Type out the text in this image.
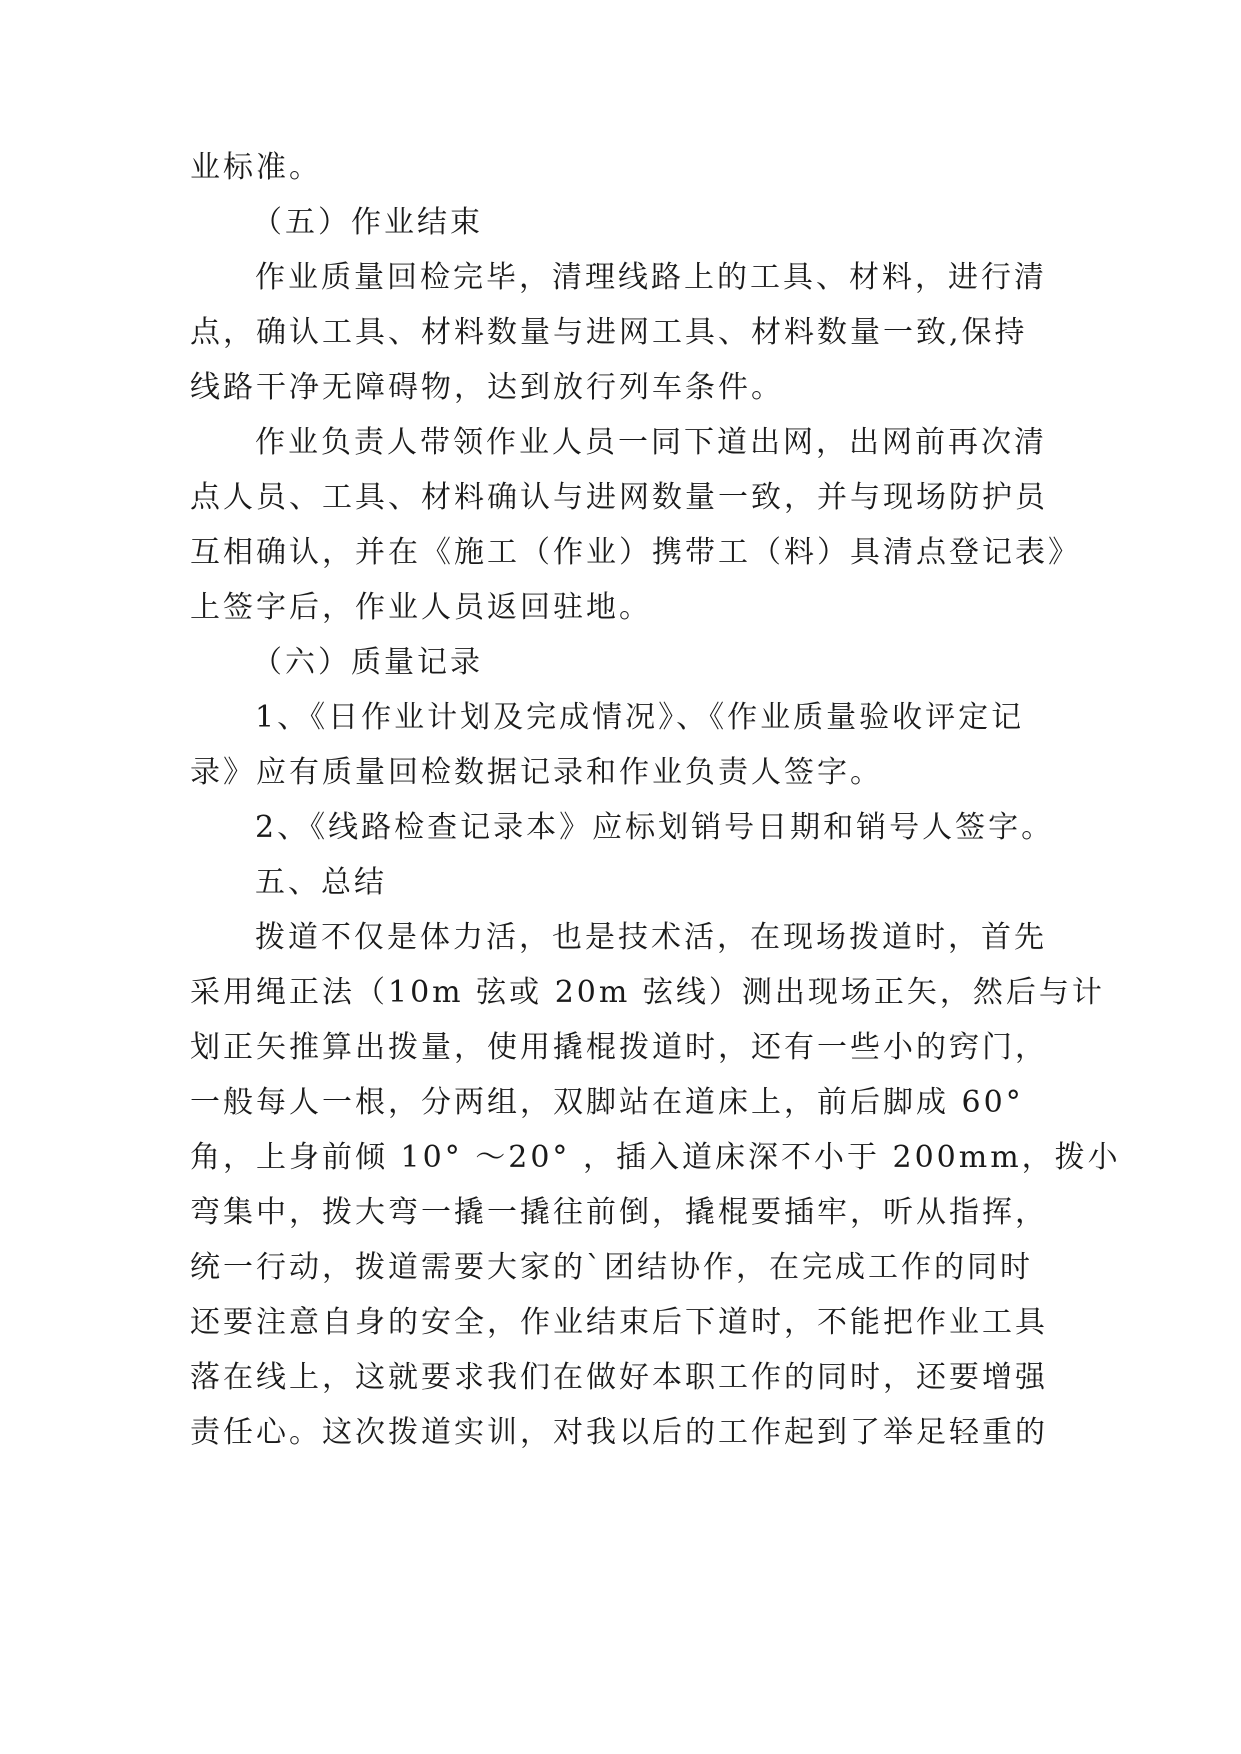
业标准。
（五）作业结束
作业质量回检完毕，清理线路上的工具、材料，进行清
点，确认工具、材料数量与进网工具、材料数量一致,保持
线路干净无障碍物，达到放行列车条件。
作业负责人带领作业人员一同下道出网，出网前再次清
点人员、工具、材料确认与进网数量一致，并与现场防护员
互相确认，并在《施工（作业）携带工（料）具清点登记表》
上签字后，作业人员返回驻地。
（六）质量记录
1、《日作业计划及完成情况》、《作业质量验收评定记
录》应有质量回检数据记录和作业负责人签字。
2、《线路检查记录本》应标划销号日期和销号人签字。
五、总结
拨道不仅是体力活，也是技术活，在现场拨道时，首先
采用绳正法（10m 弦或 20m 弦线）测出现场正矢，然后与计
划正矢推算出拨量，使用撬棍拨道时，还有一些小的窍门，
一般每人一根，分两组，双脚站在道床上，前后脚成 60°
角，上身前倾 10° ～20° ，插入道床深不小于 200mm，拨小
弯集中，拨大弯一撬一撬往前倒，撬棍要插牢，听从指挥，
统一行动，拨道需要大家的`团结协作，在完成工作的同时
还要注意自身的安全，作业结束后下道时，不能把作业工具
落在线上，这就要求我们在做好本职工作的同时，还要增强
责任心。这次拨道实训，对我以后的工作起到了举足轻重的
